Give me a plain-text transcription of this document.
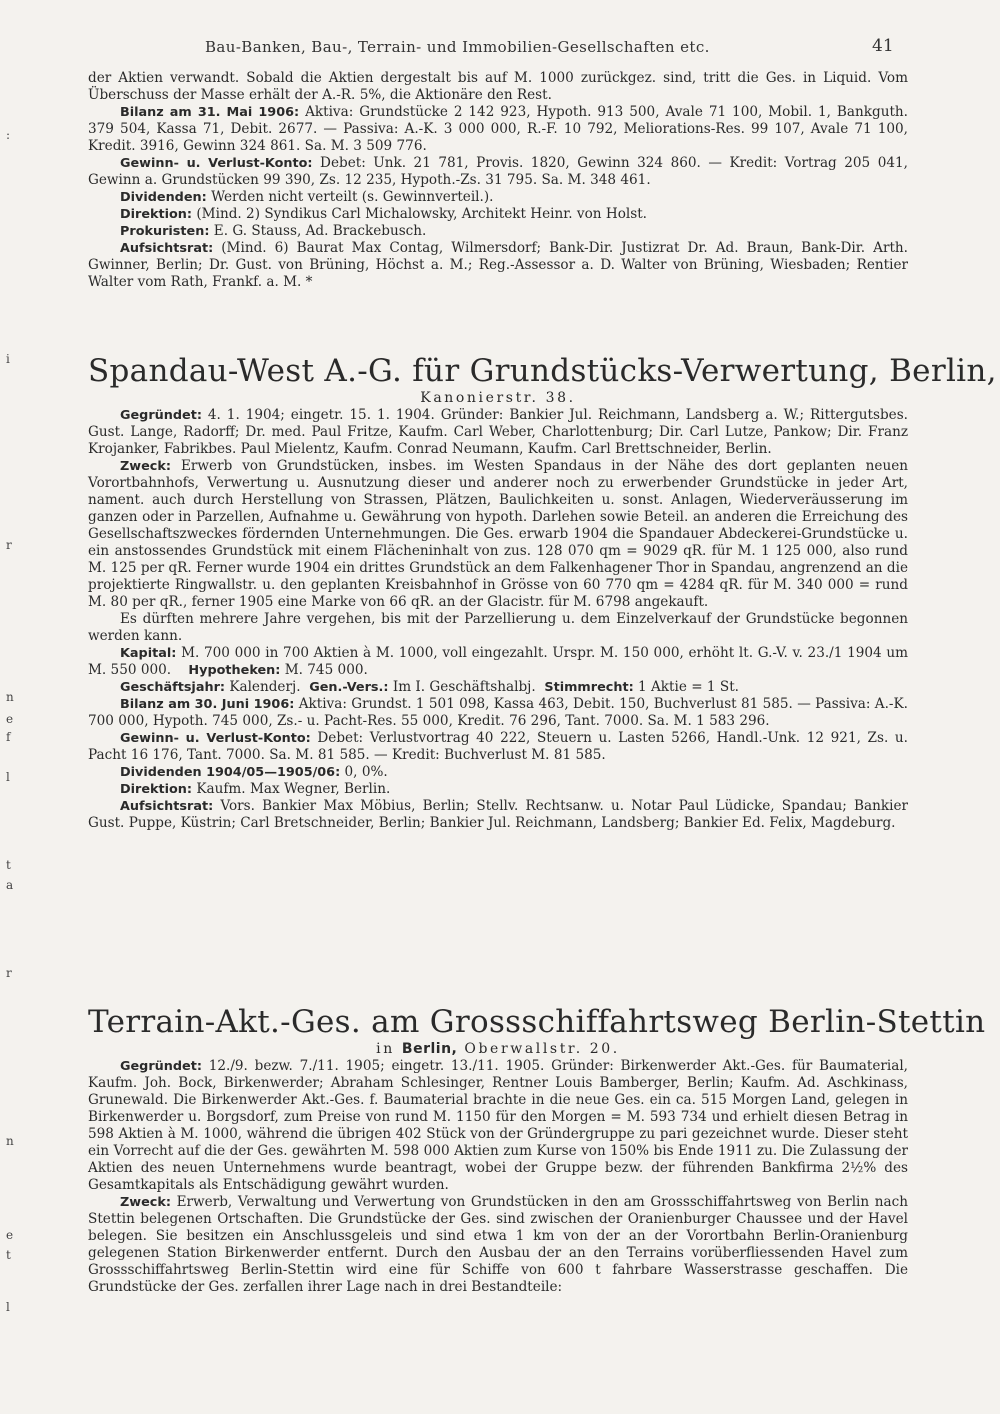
Bau-Banken, Bau-, Terrain- und Immobilien-Gesellschaften etc.	41
:
i
r
n
e
f
l
t
a
r
n
e
t
l

der Aktien verwandt. Sobald die Aktien dergestalt bis auf M. 1000 zurückgez. sind, tritt die Ges. in Liquid. Vom Überschuss der Masse erhält der A.-R. 5%, die Aktionäre den Rest.

Bilanz am 31. Mai 1906: Aktiva: Grundstücke 2 142 923, Hypoth. 913 500, Avale 71 100, Mobil. 1, Bankguth. 379 504, Kassa 71, Debit. 2677. — Passiva: A.-K. 3 000 000, R.-F. 10 792, Meliorations-Res. 99 107, Avale 71 100, Kredit. 3916, Gewinn 324 861. Sa. M. 3 509 776.

Gewinn- u. Verlust-Konto: Debet: Unk. 21 781, Provis. 1820, Gewinn 324 860. — Kredit: Vortrag 205 041, Gewinn a. Grundstücken 99 390, Zs. 12 235, Hypoth.-Zs. 31 795. Sa. M. 348 461.

Dividenden: Werden nicht verteilt (s. Gewinnverteil.).

Direktion: (Mind. 2) Syndikus Carl Michalowsky, Architekt Heinr. von Holst.

Prokuristen: E. G. Stauss, Ad. Brackebusch.

Aufsichtsrat: (Mind. 6) Baurat Max Contag, Wilmersdorf; Bank-Dir. Justizrat Dr. Ad. Braun, Bank-Dir. Arth. Gwinner, Berlin; Dr. Gust. von Brüning, Höchst a. M.; Reg.-Assessor a. D. Walter von Brüning, Wiesbaden; Rentier Walter vom Rath, Frankf. a. M. *

Spandau-West A.-G. für Grundstücks-Verwertung, Berlin,
Kanonierstr. 38.

Gegründet: 4. 1. 1904; eingetr. 15. 1. 1904. Gründer: Bankier Jul. Reichmann, Landsberg a. W.; Rittergutsbes. Gust. Lange, Radorff; Dr. med. Paul Fritze, Kaufm. Carl Weber, Charlottenburg; Dir. Carl Lutze, Pankow; Dir. Franz Krojanker, Fabrikbes. Paul Mielentz, Kaufm. Conrad Neumann, Kaufm. Carl Brettschneider, Berlin.

Zweck: Erwerb von Grundstücken, insbes. im Westen Spandaus in der Nähe des dort geplanten neuen Vorortbahnhofs, Verwertung u. Ausnutzung dieser und anderer noch zu erwerbender Grundstücke in jeder Art, nament. auch durch Herstellung von Strassen, Plätzen, Baulichkeiten u. sonst. Anlagen, Wiederveräusserung im ganzen oder in Parzellen, Aufnahme u. Gewährung von hypoth. Darlehen sowie Beteil. an anderen die Erreichung des Gesellschaftszweckes fördernden Unternehmungen. Die Ges. erwarb 1904 die Spandauer Abdeckerei-Grundstücke u. ein anstossendes Grundstück mit einem Flächeninhalt von zus. 128 070 qm = 9029 qR. für M. 1 125 000, also rund M. 125 per qR. Ferner wurde 1904 ein drittes Grundstück an dem Falkenhagener Thor in Spandau, angrenzend an die projektierte Ringwallstr. u. den geplanten Kreisbahnhof in Grösse von 60 770 qm = 4284 qR. für M. 340 000 = rund M. 80 per qR., ferner 1905 eine Marke von 66 qR. an der Glacistr. für M. 6798 angekauft.

Es dürften mehrere Jahre vergehen, bis mit der Parzellierung u. dem Einzelverkauf der Grundstücke begonnen werden kann.

Kapital: M. 700 000 in 700 Aktien à M. 1000, voll eingezahlt. Urspr. M. 150 000, erhöht lt. G.-V. v. 23./1 1904 um M. 550 000. Hypotheken: M. 745 000.

Geschäftsjahr: Kalenderj. Gen.-Vers.: Im I. Geschäftshalbj. Stimmrecht: 1 Aktie = 1 St.

Bilanz am 30. Juni 1906: Aktiva: Grundst. 1 501 098, Kassa 463, Debit. 150, Buchverlust 81 585. — Passiva: A.-K. 700 000, Hypoth. 745 000, Zs.- u. Pacht-Res. 55 000, Kredit. 76 296, Tant. 7000. Sa. M. 1 583 296.

Gewinn- u. Verlust-Konto: Debet: Verlustvortrag 40 222, Steuern u. Lasten 5266, Handl.-Unk. 12 921, Zs. u. Pacht 16 176, Tant. 7000. Sa. M. 81 585. — Kredit: Buchverlust M. 81 585.

Dividenden 1904/05—1905/06: 0, 0%.

Direktion: Kaufm. Max Wegner, Berlin.

Aufsichtsrat: Vors. Bankier Max Möbius, Berlin; Stellv. Rechtsanw. u. Notar Paul Lüdicke, Spandau; Bankier Gust. Puppe, Küstrin; Carl Bretschneider, Berlin; Bankier Jul. Reichmann, Landsberg; Bankier Ed. Felix, Magdeburg.

Terrain-Akt.-Ges. am Grossschiffahrtsweg Berlin-Stettin
in Berlin, Oberwallstr. 20.

Gegründet: 12./9. bezw. 7./11. 1905; eingetr. 13./11. 1905. Gründer: Birkenwerder Akt.-Ges. für Baumaterial, Kaufm. Joh. Bock, Birkenwerder; Abraham Schlesinger, Rentner Louis Bamberger, Berlin; Kaufm. Ad. Aschkinass, Grunewald. Die Birkenwerder Akt.-Ges. f. Baumaterial brachte in die neue Ges. ein ca. 515 Morgen Land, gelegen in Birkenwerder u. Borgsdorf, zum Preise von rund M. 1150 für den Morgen = M. 593 734 und erhielt diesen Betrag in 598 Aktien à M. 1000, während die übrigen 402 Stück von der Gründergruppe zu pari gezeichnet wurde. Dieser steht ein Vorrecht auf die der Ges. gewährten M. 598 000 Aktien zum Kurse von 150% bis Ende 1911 zu. Die Zulassung der Aktien des neuen Unternehmens wurde beantragt, wobei der Gruppe bezw. der führenden Bankfirma 2½% des Gesamtkapitals als Entschädigung gewährt wurden.

Zweck: Erwerb, Verwaltung und Verwertung von Grundstücken in den am Grossschiffahrtsweg von Berlin nach Stettin belegenen Ortschaften. Die Grundstücke der Ges. sind zwischen der Oranienburger Chaussee und der Havel belegen. Sie besitzen ein Anschlussgeleis und sind etwa 1 km von der an der Vorortbahn Berlin-Oranienburg gelegenen Station Birkenwerder entfernt. Durch den Ausbau der an den Terrains vorüberfliessenden Havel zum Grossschiffahrtsweg Berlin-Stettin wird eine für Schiffe von 600 t fahrbare Wasserstrasse geschaffen. Die Grundstücke der Ges. zerfallen ihrer Lage nach in drei Bestandteile:
